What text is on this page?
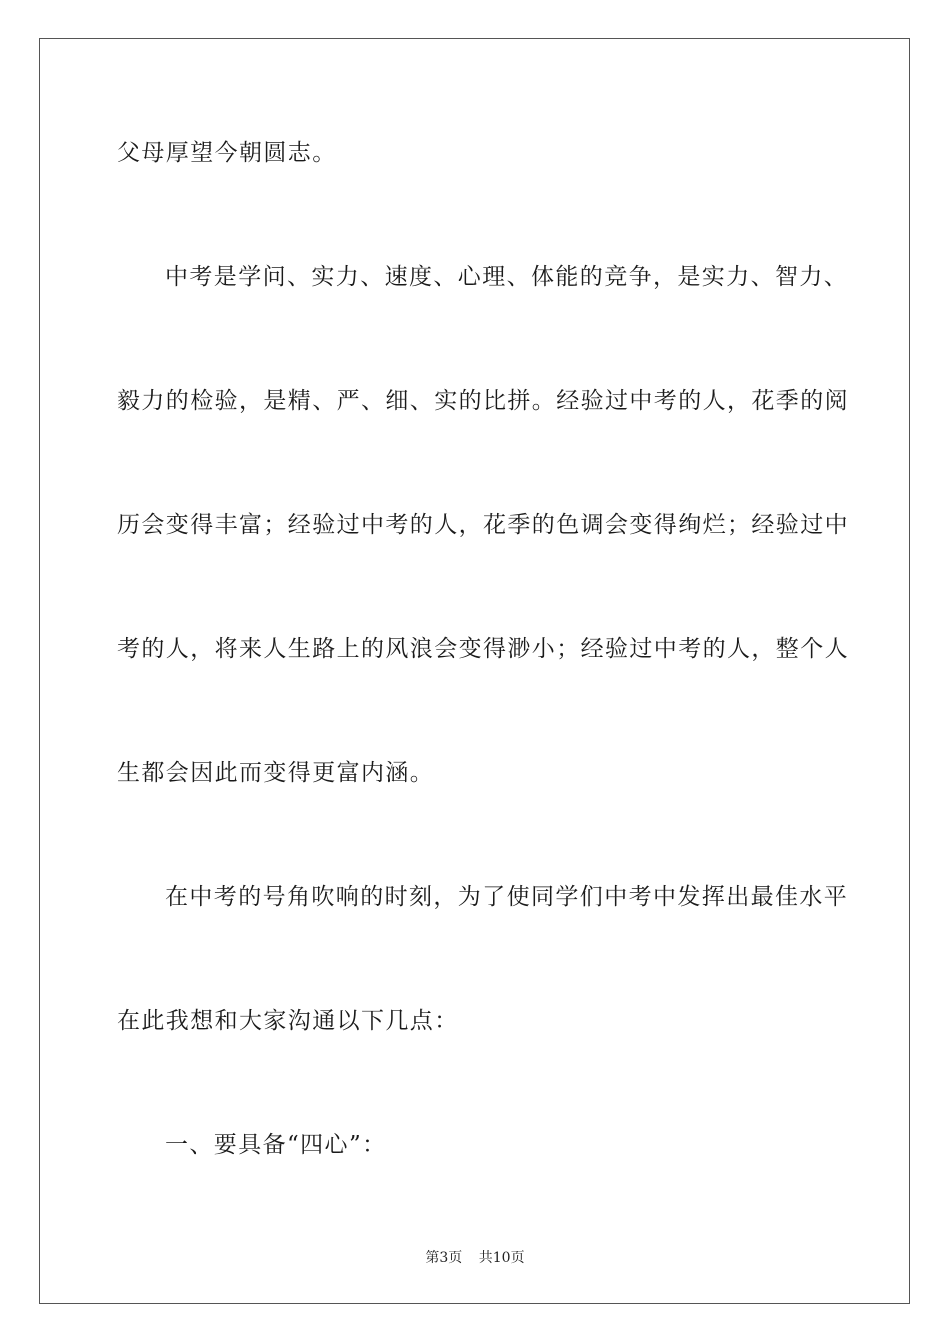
父母厚望今朝圆志。
中考是学问、实力、速度、心理、体能的竞争，是实力、智力、
毅力的检验，是精、严、细、实的比拼。经验过中考的人，花季的阅
历会变得丰富；经验过中考的人，花季的色调会变得绚烂；经验过中
考的人，将来人生路上的风浪会变得渺小；经验过中考的人，整个人
生都会因此而变得更富内涵。
在中考的号角吹响的时刻，为了使同学们中考中发挥出最佳水平
在此我想和大家沟通以下几点：
一、要具备“四心”：
第3页 共10页
